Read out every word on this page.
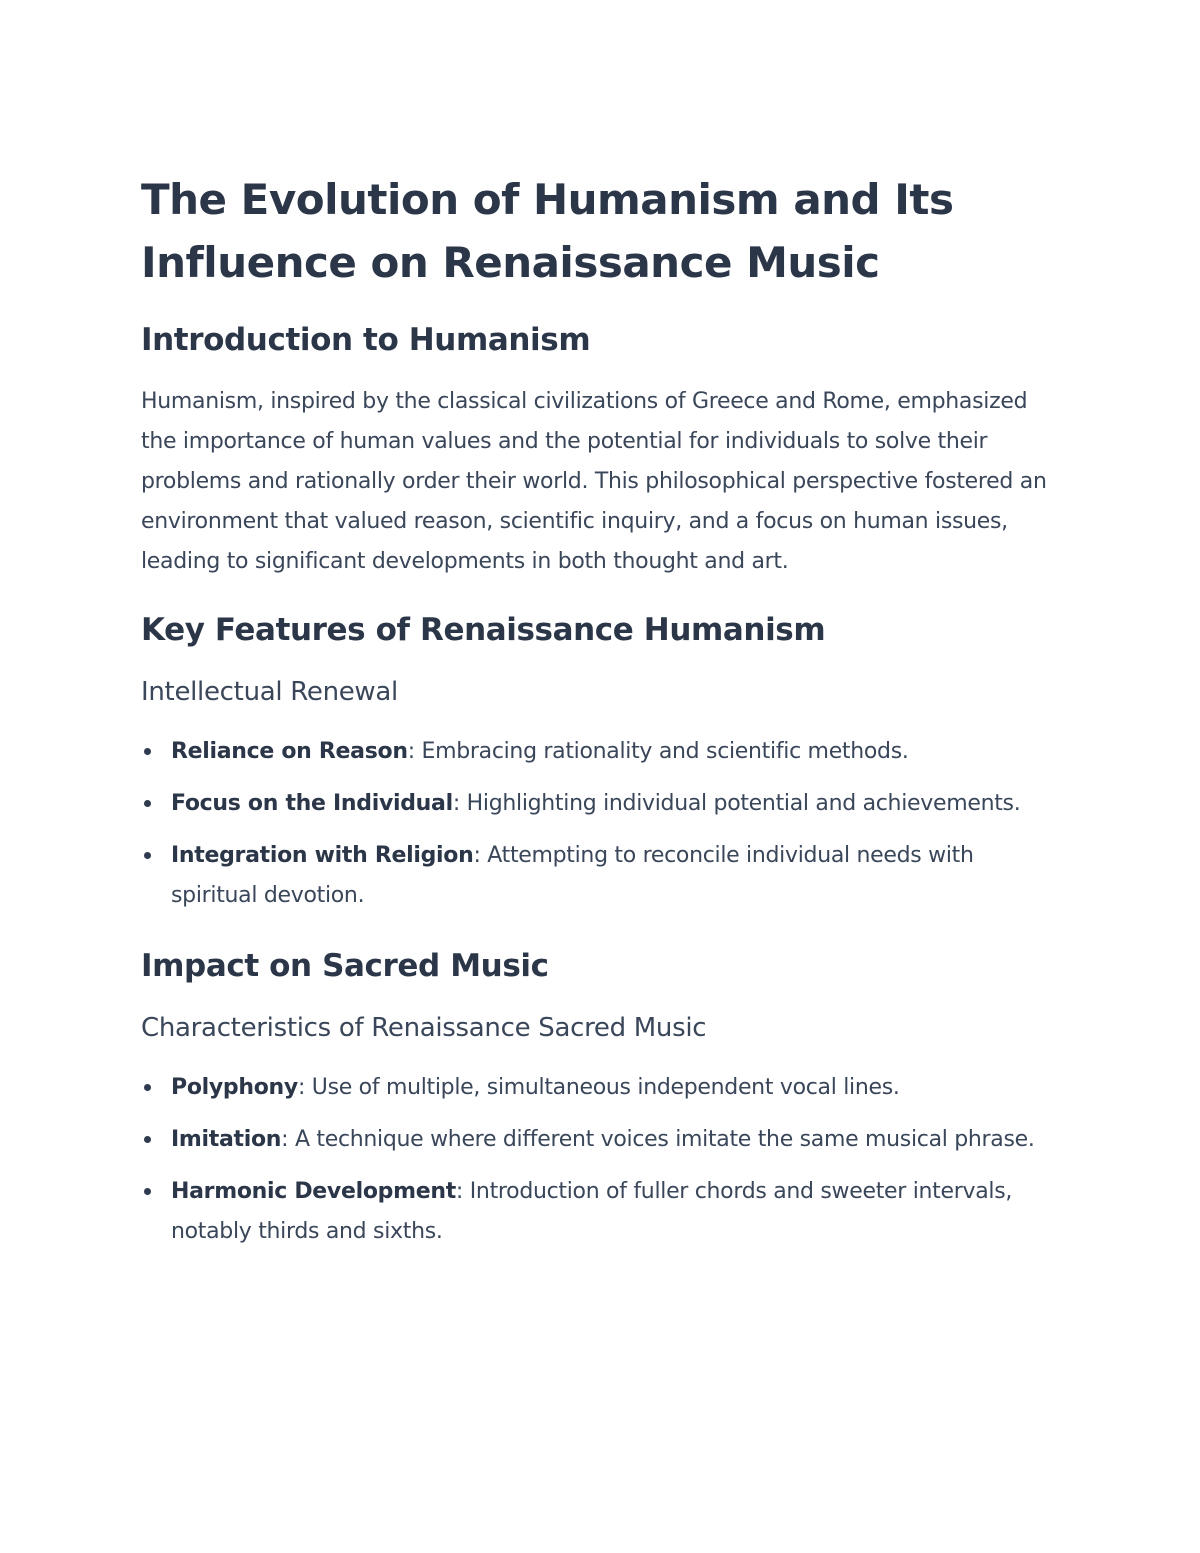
The Evolution of Humanism and Its Influence on Renaissance Music
Introduction to Humanism

Humanism, inspired by the classical civilizations of Greece and Rome, emphasized the importance of human values and the potential for individuals to solve their problems and rationally order their world. This philosophical perspective fostered an environment that valued reason, scientific inquiry, and a focus on human issues, leading to significant developments in both thought and art.

Key Features of Renaissance Humanism
Intellectual Renewal
Reliance on Reason: Embracing rationality and scientific methods.
Focus on the Individual: Highlighting individual potential and achievements.
Integration with Religion: Attempting to reconcile individual needs with spiritual devotion.
Impact on Sacred Music
Characteristics of Renaissance Sacred Music
Polyphony: Use of multiple, simultaneous independent vocal lines.
Imitation: A technique where different voices imitate the same musical phrase.
Harmonic Development: Introduction of fuller chords and sweeter intervals, notably thirds and sixths.
